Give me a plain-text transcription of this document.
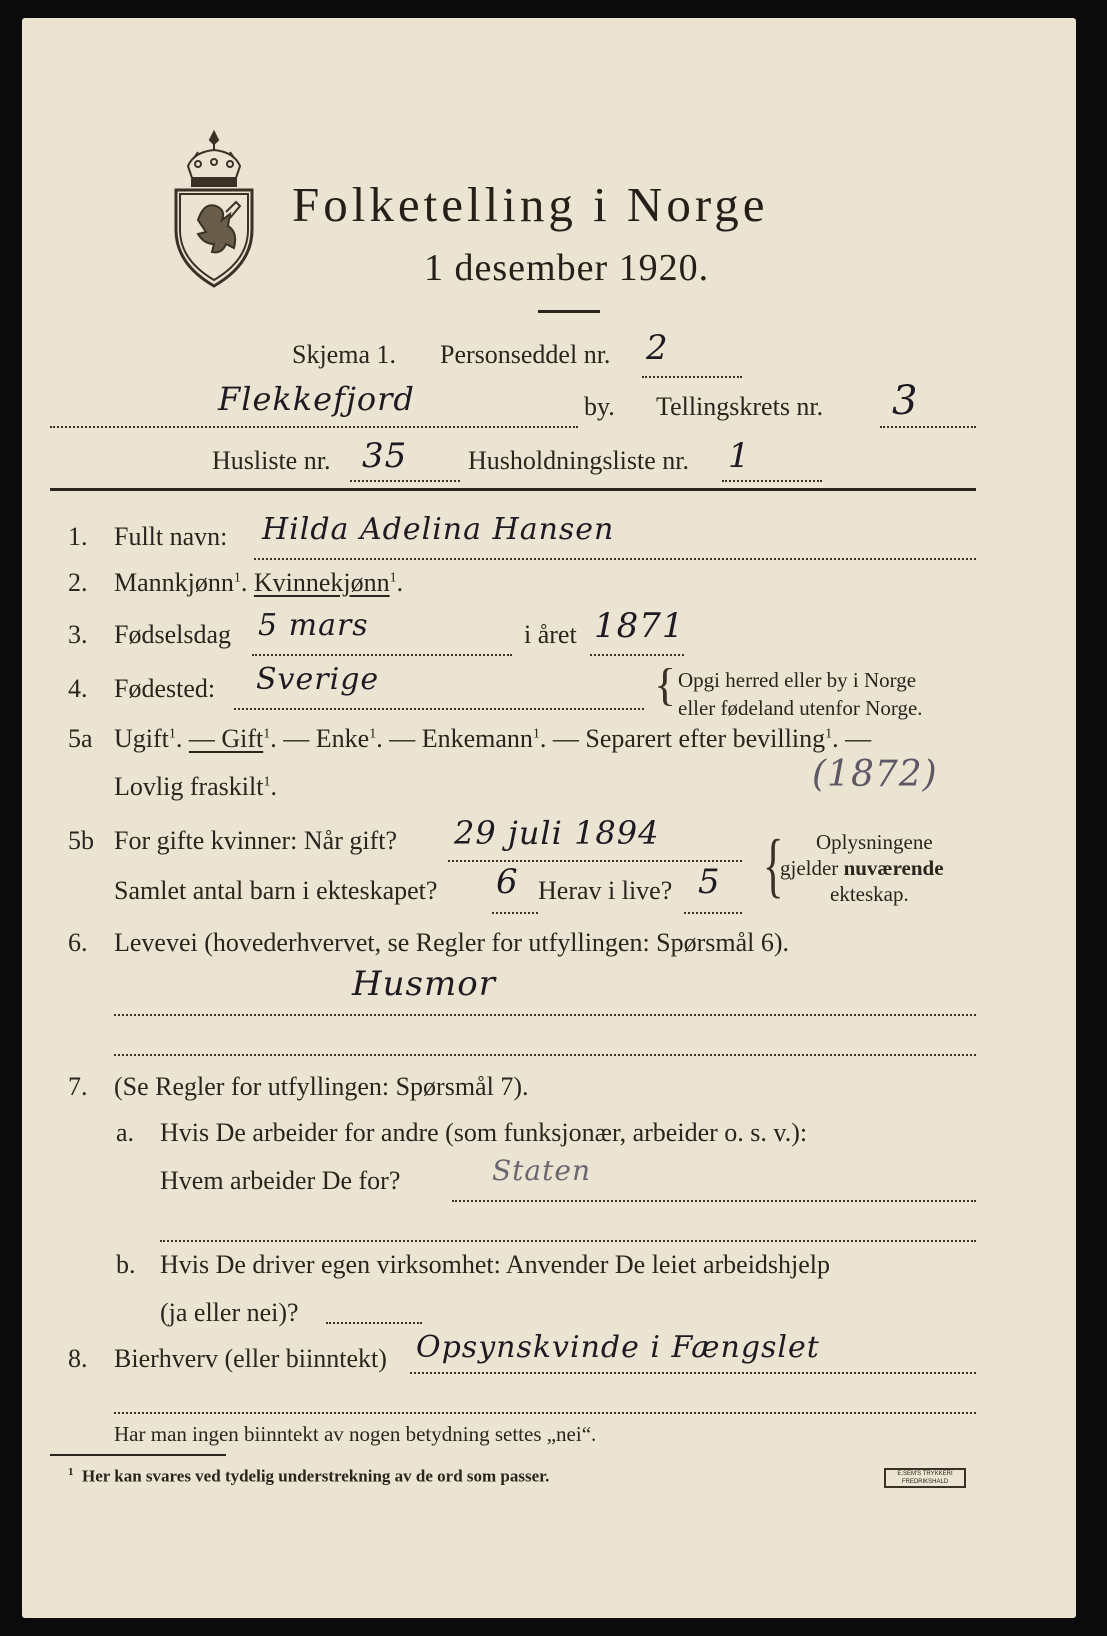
Folketelling i Norge
1 desember 1920.
Skjema 1. Personseddel nr. 2
Flekkefjord	by. Tellingskrets nr. 3
Husliste nr. 35 Husholdningsliste nr. 1
1. Fullt navn: Hilda Adelina Hansen
2. Mannkjønn$^1$. Kvinnekjønn$^1$.
3. Fødselsdag 5 mars	i året 1871
4. Fødested: Sverige	{ Opgi herred eller by i Norge
eller fødeland utenfor Norge.
5a Ugift$^1$. — Gift$^1$. — Enke$^1$. — Enkemann$^1$. — Separert efter bevilling$^1$. —
Lovlig fraskilt$^1$.	(1872)
5b For gifte kvinner: Når gift? 29 juli 1894
Samlet antal barn i ekteskapet? 6 Herav i live? 5 { Oplysningene
gjelder nuværende
ekteskap.
6. Levevei (hovederhvervet, se Regler for utfyllingen: Spørsmål 6).
Husmor
7. (Se Regler for utfyllingen: Spørsmål 7).
a. Hvis De arbeider for andre (som funksjonær, arbeider o. s. v.):
Hvem arbeider De for?	Staten
b. Hvis De driver egen virksomhet: Anvender De leiet arbeidshjelp
(ja eller nei)?
8. Bierhverv (eller biinntekt) Opsynskvinde i Fængslet
Har man ingen biinntekt av nogen betydning settes „nei“.
$^1$ Her kan svares ved tydelig understrekning av de ord som passer.	E.SEM'S TRYKKERI
FREDRIKSHALD
